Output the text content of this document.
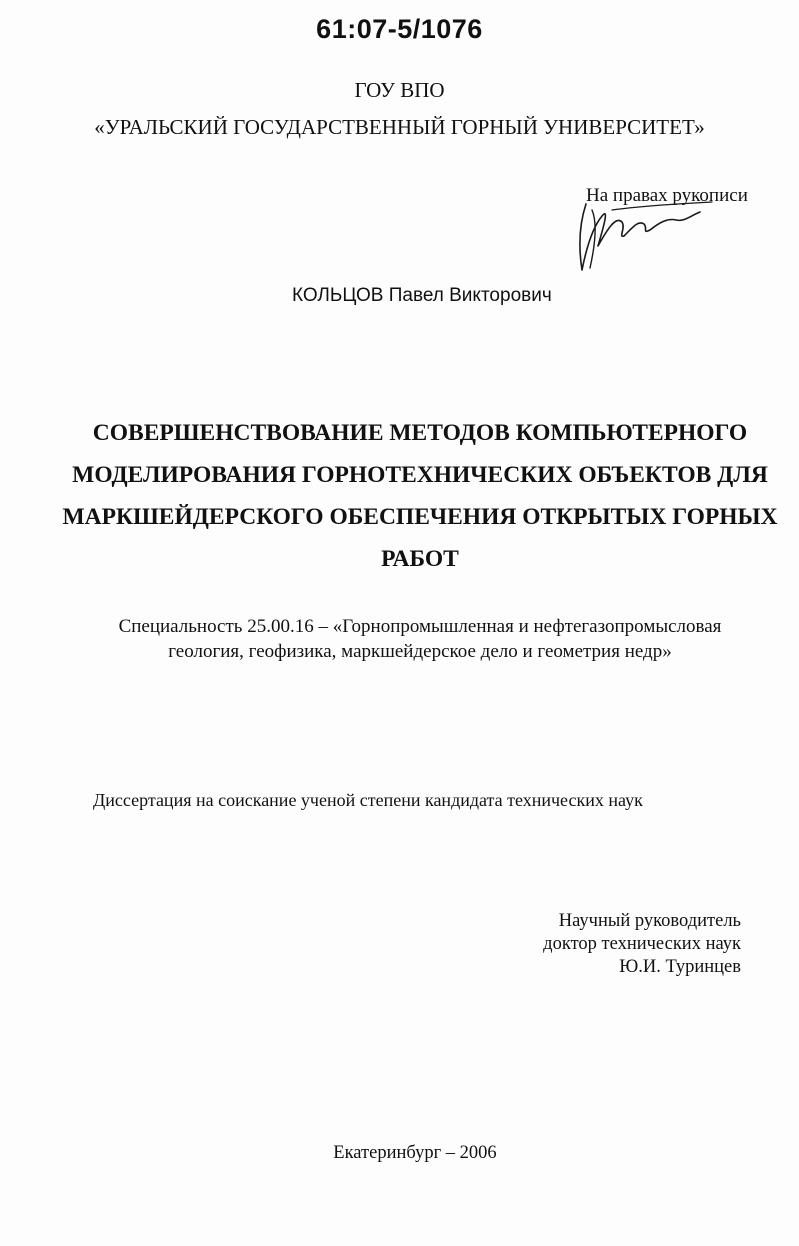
61:07-5/1076
ГОУ ВПО
«УРАЛЬСКИЙ ГОСУДАРСТВЕННЫЙ ГОРНЫЙ УНИВЕРСИТЕТ»
На правах рукописи
КОЛЬЦОВ Павел Викторович
СОВЕРШЕНСТВОВАНИЕ МЕТОДОВ КОМПЬЮТЕРНОГО
МОДЕЛИРОВАНИЯ ГОРНОТЕХНИЧЕСКИХ ОБЪЕКТОВ ДЛЯ
МАРКШЕЙДЕРСКОГО ОБЕСПЕЧЕНИЯ ОТКРЫТЫХ ГОРНЫХ
РАБОТ
Специальность 25.00.16 – «Горнопромышленная и нефтегазопромысловая
геология, геофизика, маркшейдерское дело и геометрия недр»
Диссертация на соискание ученой степени кандидата технических наук
Научный руководитель
доктор технических наук
Ю.И. Туринцев
Екатеринбург – 2006
